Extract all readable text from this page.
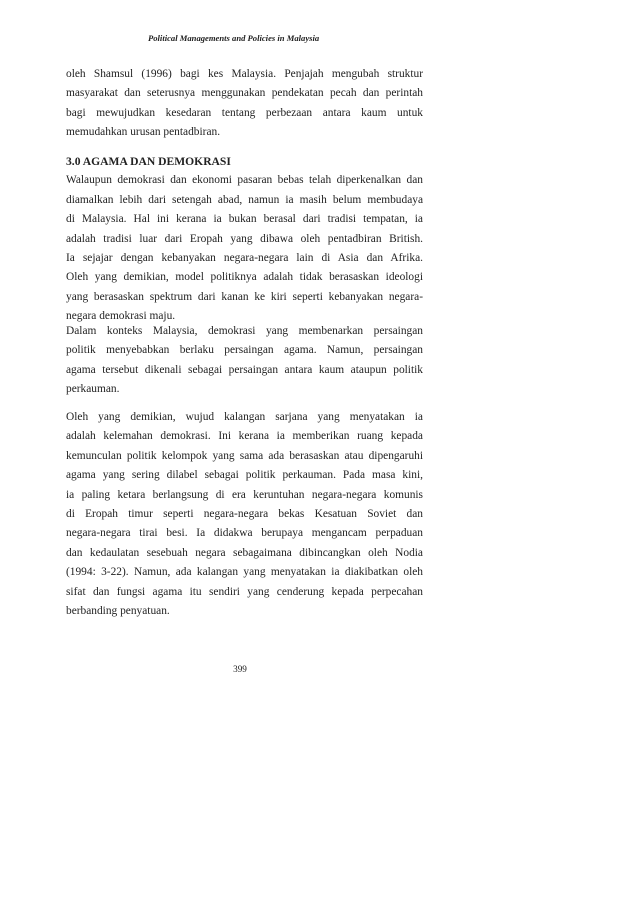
Political Managements and Policies in Malaysia

oleh Shamsul (1996) bagi kes Malaysia. Penjajah mengubah struktur
masyarakat dan seterusnya menggunakan pendekatan pecah dan perintah
bagi mewujudkan kesedaran tentang perbezaan antara kaum untuk
memudahkan urusan pentadbiran.

3.0 AGAMA DAN DEMOKRASI

Walaupun demokrasi dan ekonomi pasaran bebas telah diperkenalkan dan
diamalkan lebih dari setengah abad, namun ia masih belum membudaya
di Malaysia. Hal ini kerana ia bukan berasal dari tradisi tempatan, ia
adalah tradisi luar dari Eropah yang dibawa oleh pentadbiran British.
Ia sejajar dengan kebanyakan negara-negara lain di Asia dan Afrika.
Oleh yang demikian, model politiknya adalah tidak berasaskan ideologi
yang berasaskan spektrum dari kanan ke kiri seperti kebanyakan negara-
negara demokrasi maju.

Dalam konteks Malaysia, demokrasi yang membenarkan persaingan
politik menyebabkan berlaku persaingan agama. Namun, persaingan
agama tersebut dikenali sebagai persaingan antara kaum ataupun politik
perkauman.

Oleh yang demikian, wujud kalangan sarjana yang menyatakan ia
adalah kelemahan demokrasi. Ini kerana ia memberikan ruang kepada
kemunculan politik kelompok yang sama ada berasaskan atau dipengaruhi
agama yang sering dilabel sebagai politik perkauman. Pada masa kini,
ia paling ketara berlangsung di era keruntuhan negara-negara komunis
di Eropah timur seperti negara-negara bekas Kesatuan Soviet dan
negara-negara tirai besi. Ia didakwa berupaya mengancam perpaduan
dan kedaulatan sesebuah negara sebagaimana dibincangkan oleh Nodia
(1994: 3-22). Namun, ada kalangan yang menyatakan ia diakibatkan oleh
sifat dan fungsi agama itu sendiri yang cenderung kepada perpecahan
berbanding penyatuan.

399
